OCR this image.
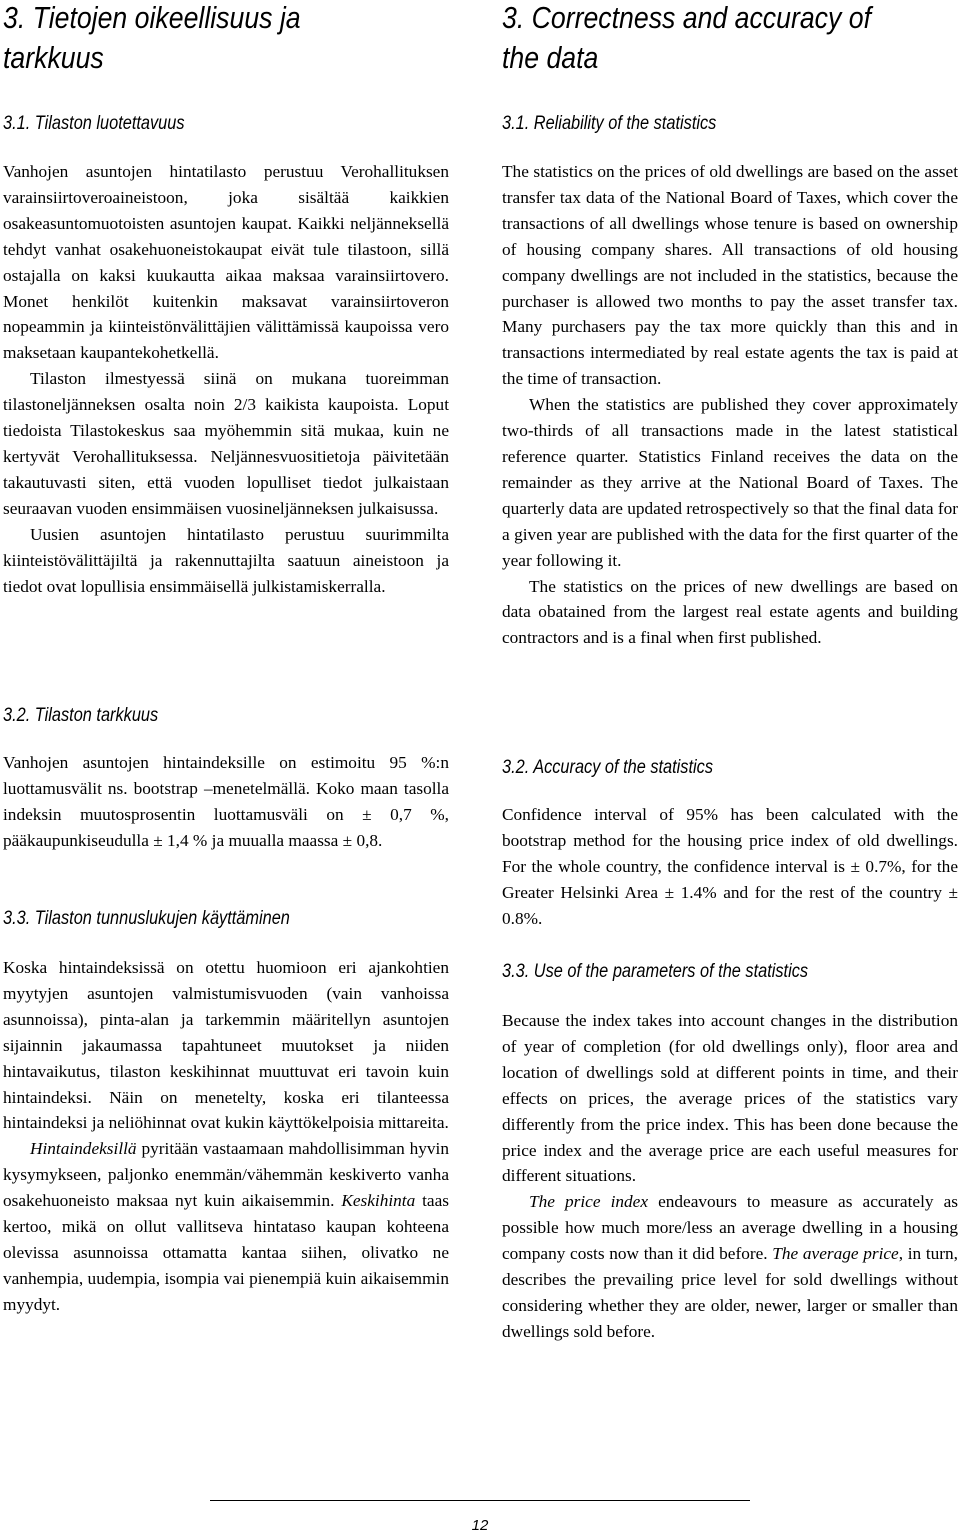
3. Tietojen oikeellisuus ja
tarkkuus
3.1. Tilaston luotettavuus

Vanhojen asuntojen hintatilasto perustuu Verohallituksen varainsiirtoveroaineistoon, joka sisältää kaikkien osakeasuntomuotoisten asuntojen kaupat. Kaikki neljänneksellä tehdyt vanhat osakehuoneistokaupat eivät tule tilastoon, sillä ostajalla on kaksi kuukautta aikaa maksaa varainsiirtovero. Monet henkilöt kuitenkin maksavat varainsiirtoveron nopeammin ja kiinteistönvälittäjien välittämissä kaupoissa vero maksetaan kaupantekohetkellä.

Tilaston ilmestyessä siinä on mukana tuoreimman tilastoneljänneksen osalta noin 2/3 kaikista kaupoista. Loput tiedoista Tilastokeskus saa myöhemmin sitä mukaa, kuin ne kertyvät Verohallituksessa. Neljännesvuositietoja päivitetään takautuvasti siten, että vuoden lopulliset tiedot julkaistaan seuraavan vuoden ensimmäisen vuosineljänneksen julkaisussa.

Uusien asuntojen hintatilasto perustuu suurimmilta kiinteistövälittäjiltä ja rakennuttajilta saatuun aineistoon ja tiedot ovat lopullisia ensimmäisellä julkistamiskerralla.

3.2. Tilaston tarkkuus

Vanhojen asuntojen hintaindeksille on estimoitu 95 %:n luottamusvälit ns. bootstrap –menetelmällä. Koko maan tasolla indeksin muutosprosentin luottamusväli on ± 0,7 %, pääkaupunkiseudulla ± 1,4 % ja muualla maassa ± 0,8.

3.3. Tilaston tunnuslukujen käyttäminen

Koska hintaindeksissä on otettu huomioon eri ajankohtien myytyjen asuntojen valmistumisvuoden (vain vanhoissa asunnoissa), pinta-alan ja tarkemmin määritellyn asuntojen sijainnin jakaumassa tapahtuneet muutokset ja niiden hintavaikutus, tilaston keskihinnat muuttuvat eri tavoin kuin hintaindeksi. Näin on menetelty, koska eri tilanteessa hintaindeksi ja neliöhinnat ovat kukin käyttökelpoisia mittareita.

Hintaindeksillä pyritään vastaamaan mahdollisimman hyvin kysymykseen, paljonko enemmän/vähemmän keskiverto vanha osakehuoneisto maksaa nyt kuin aikaisemmin. Keskihinta taas kertoo, mikä on ollut vallitseva hintataso kaupan kohteena olevissa asunnoissa ottamatta kantaa siihen, olivatko ne vanhempia, uudempia, isompia vai pienempiä kuin aikaisemmin myydyt.

3. Correctness and accuracy of
the data
3.1. Reliability of the statistics

The statistics on the prices of old dwellings are based on the asset transfer tax data of the National Board of Taxes, which cover the transactions of all dwellings whose tenure is based on ownership of housing company shares. All transactions of old housing company dwellings are not included in the statistics, because the purchaser is allowed two months to pay the asset transfer tax. Many purchasers pay the tax more quickly than this and in transactions intermediated by real estate agents the tax is paid at the time of transaction.

When the statistics are published they cover approximately two-thirds of all transactions made in the latest statistical reference quarter. Statistics Finland receives the data on the remainder as they arrive at the National Board of Taxes. The quarterly data are updated retrospectively so that the final data for a given year are published with the data for the first quarter of the year following it.

The statistics on the prices of new dwellings are based on data obatained from the largest real estate agents and building contractors and is a final when first published.

3.2. Accuracy of the statistics

Confidence interval of 95% has been calculated with the bootstrap method for the housing price index of old dwellings. For the whole country, the confidence interval is ± 0.7%, for the Greater Helsinki Area ± 1.4% and for the rest of the country ± 0.8%.

3.3. Use of the parameters of the statistics

Because the index takes into account changes in the distribution of year of completion (for old dwellings only), floor area and location of dwellings sold at different points in time, and their effects on prices, the average prices of the statistics vary differently from the price index. This has been done because the price index and the average price are each useful measures for different situations.

The price index endeavours to measure as accurately as possible how much more/less an average dwelling in a housing company costs now than it did before. The average price, in turn, describes the prevailing price level for sold dwellings without considering whether they are older, newer, larger or smaller than dwellings sold before.

12
